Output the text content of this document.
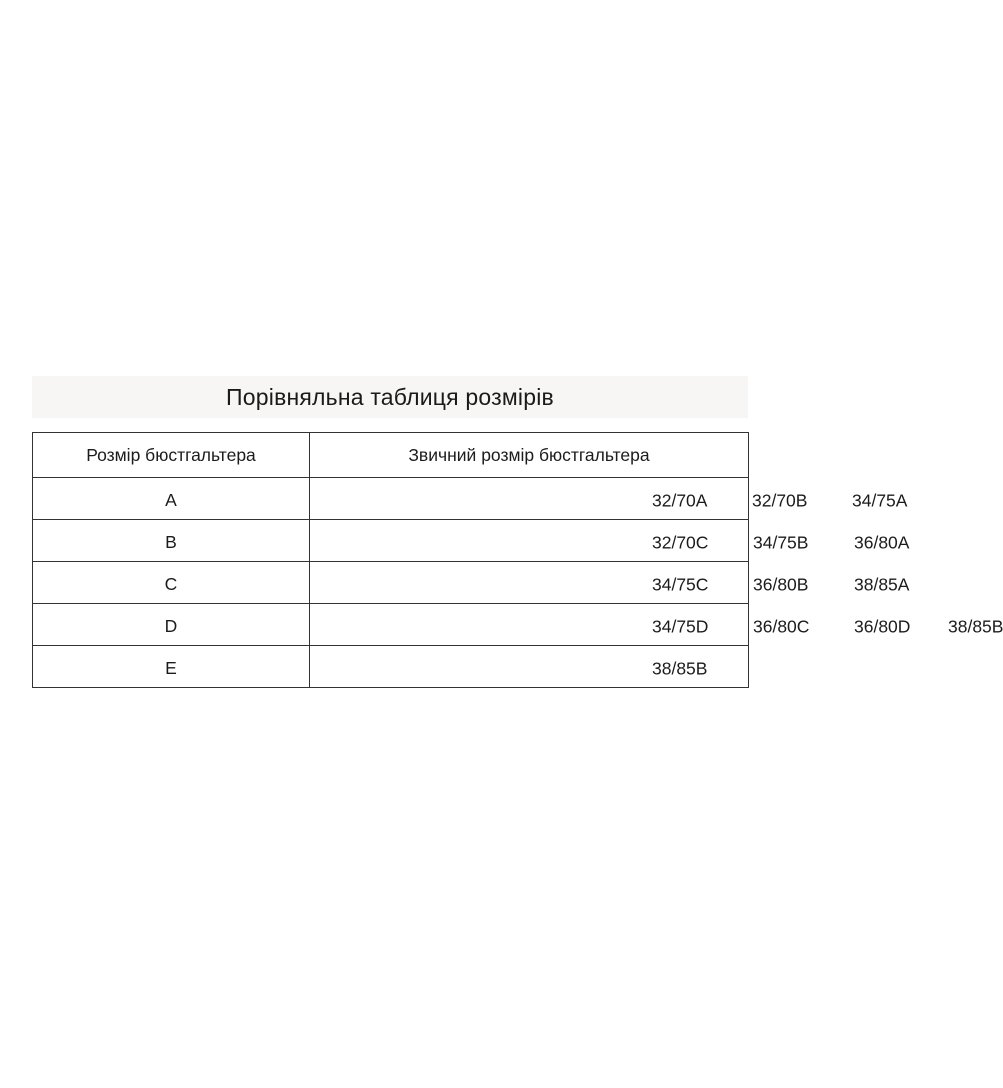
Порівняльна таблиця розмірів
Розмір бюстгальтера	Звичний розмір бюстгальтера
A	32/70A 32/70B 34/75A

B	32/70C 34/75B 36/80A

C	34/75C 36/80B 38/85A

D	34/75D 36/80C 36/80D 38/85B

E	38/85B
